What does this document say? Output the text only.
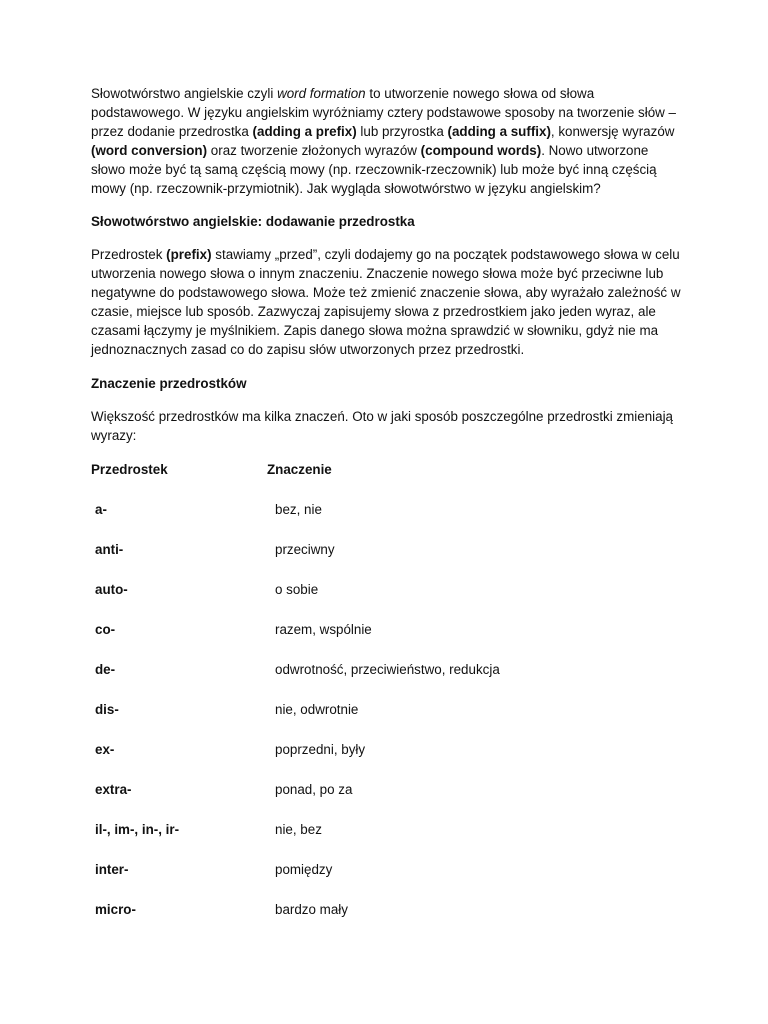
Słowotwórstwo angielskie czyli word formation to utworzenie nowego słowa od słowa podstawowego. W języku angielskim wyróżniamy cztery podstawowe sposoby na tworzenie słów – przez dodanie przedrostka (adding a prefix) lub przyrostka (adding a suffix), konwersję wyrazów (word conversion) oraz tworzenie złożonych wyrazów (compound words). Nowo utworzone słowo może być tą samą częścią mowy (np. rzeczownik-rzeczownik) lub może być inną częścią mowy (np. rzeczownik-przymiotnik). Jak wygląda słowotwórstwo w języku angielskim?

Słowotwórstwo angielskie: dodawanie przedrostka

Przedrostek (prefix) stawiamy „przed”, czyli dodajemy go na początek podstawowego słowa w celu utworzenia nowego słowa o innym znaczeniu. Znaczenie nowego słowa może być przeciwne lub negatywne do podstawowego słowa. Może też zmienić znaczenie słowa, aby wyrażało zależność w czasie, miejsce lub sposób. Zazwyczaj zapisujemy słowa z przedrostkiem jako jeden wyraz, ale czasami łączymy je myślnikiem. Zapis danego słowa można sprawdzić w słowniku, gdyż nie ma jednoznacznych zasad co do zapisu słów utworzonych przez przedrostki.

Znaczenie przedrostków

Większość przedrostków ma kilka znaczeń. Oto w jaki sposób poszczególne przedrostki zmieniają wyrazy:

Przedrostek	Znaczenie
a-	bez, nie
anti-	przeciwny
auto-	o sobie
co-	razem, wspólnie
de-	odwrotność, przeciwieństwo, redukcja
dis-	nie, odwrotnie
ex-	poprzedni, były
extra-	ponad, po za
il-, im-, in-, ir-	nie, bez
inter-	pomiędzy
micro-	bardzo mały
